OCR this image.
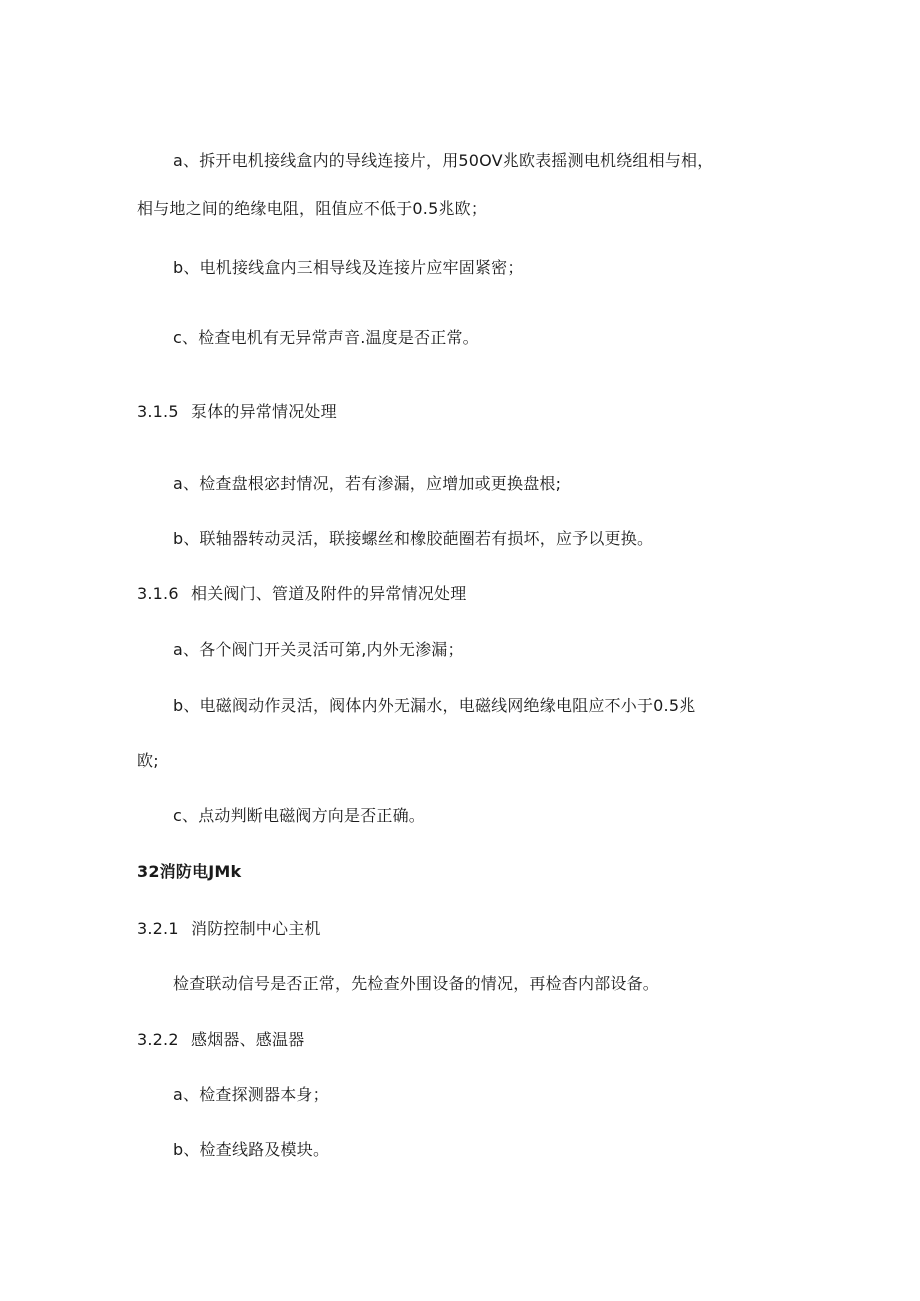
a、拆开电机接线盒内的导线连接片，用50OV兆欧表摇测电机绕组相与相，
相与地之间的绝缘电阻，阻值应不低于0.5兆欧；
b、电机接线盒内三相导线及连接片应牢固紧密；
c、检查电机有无异常声音.温度是否正常。
3.1.5 泵体的异常情况处理
a、检查盘根宓封情况，若有渗漏，应增加或更换盘根;
b、联轴器转动灵活，联接螺丝和橡胶葩圈若有损坏，应予以更换。
3.1.6 相关阀门、管道及附件的异常情况处理
a、各个阀门开关灵活可第,内外无渗漏；
b、电磁阀动作灵活，阀体内外无漏水，电磁线网绝缘电阻应不小于0.5兆
欧;
c、点动判断电磁阀方向是否正确。
32消防电JMk
3.2.1 消防控制中心主机
检查联动信号是否正常，先检查外围设备的情况，再检杳内部设备。
3.2.2 感烟器、感温器
a、检查探测器本身；
b、检查线路及模块。
